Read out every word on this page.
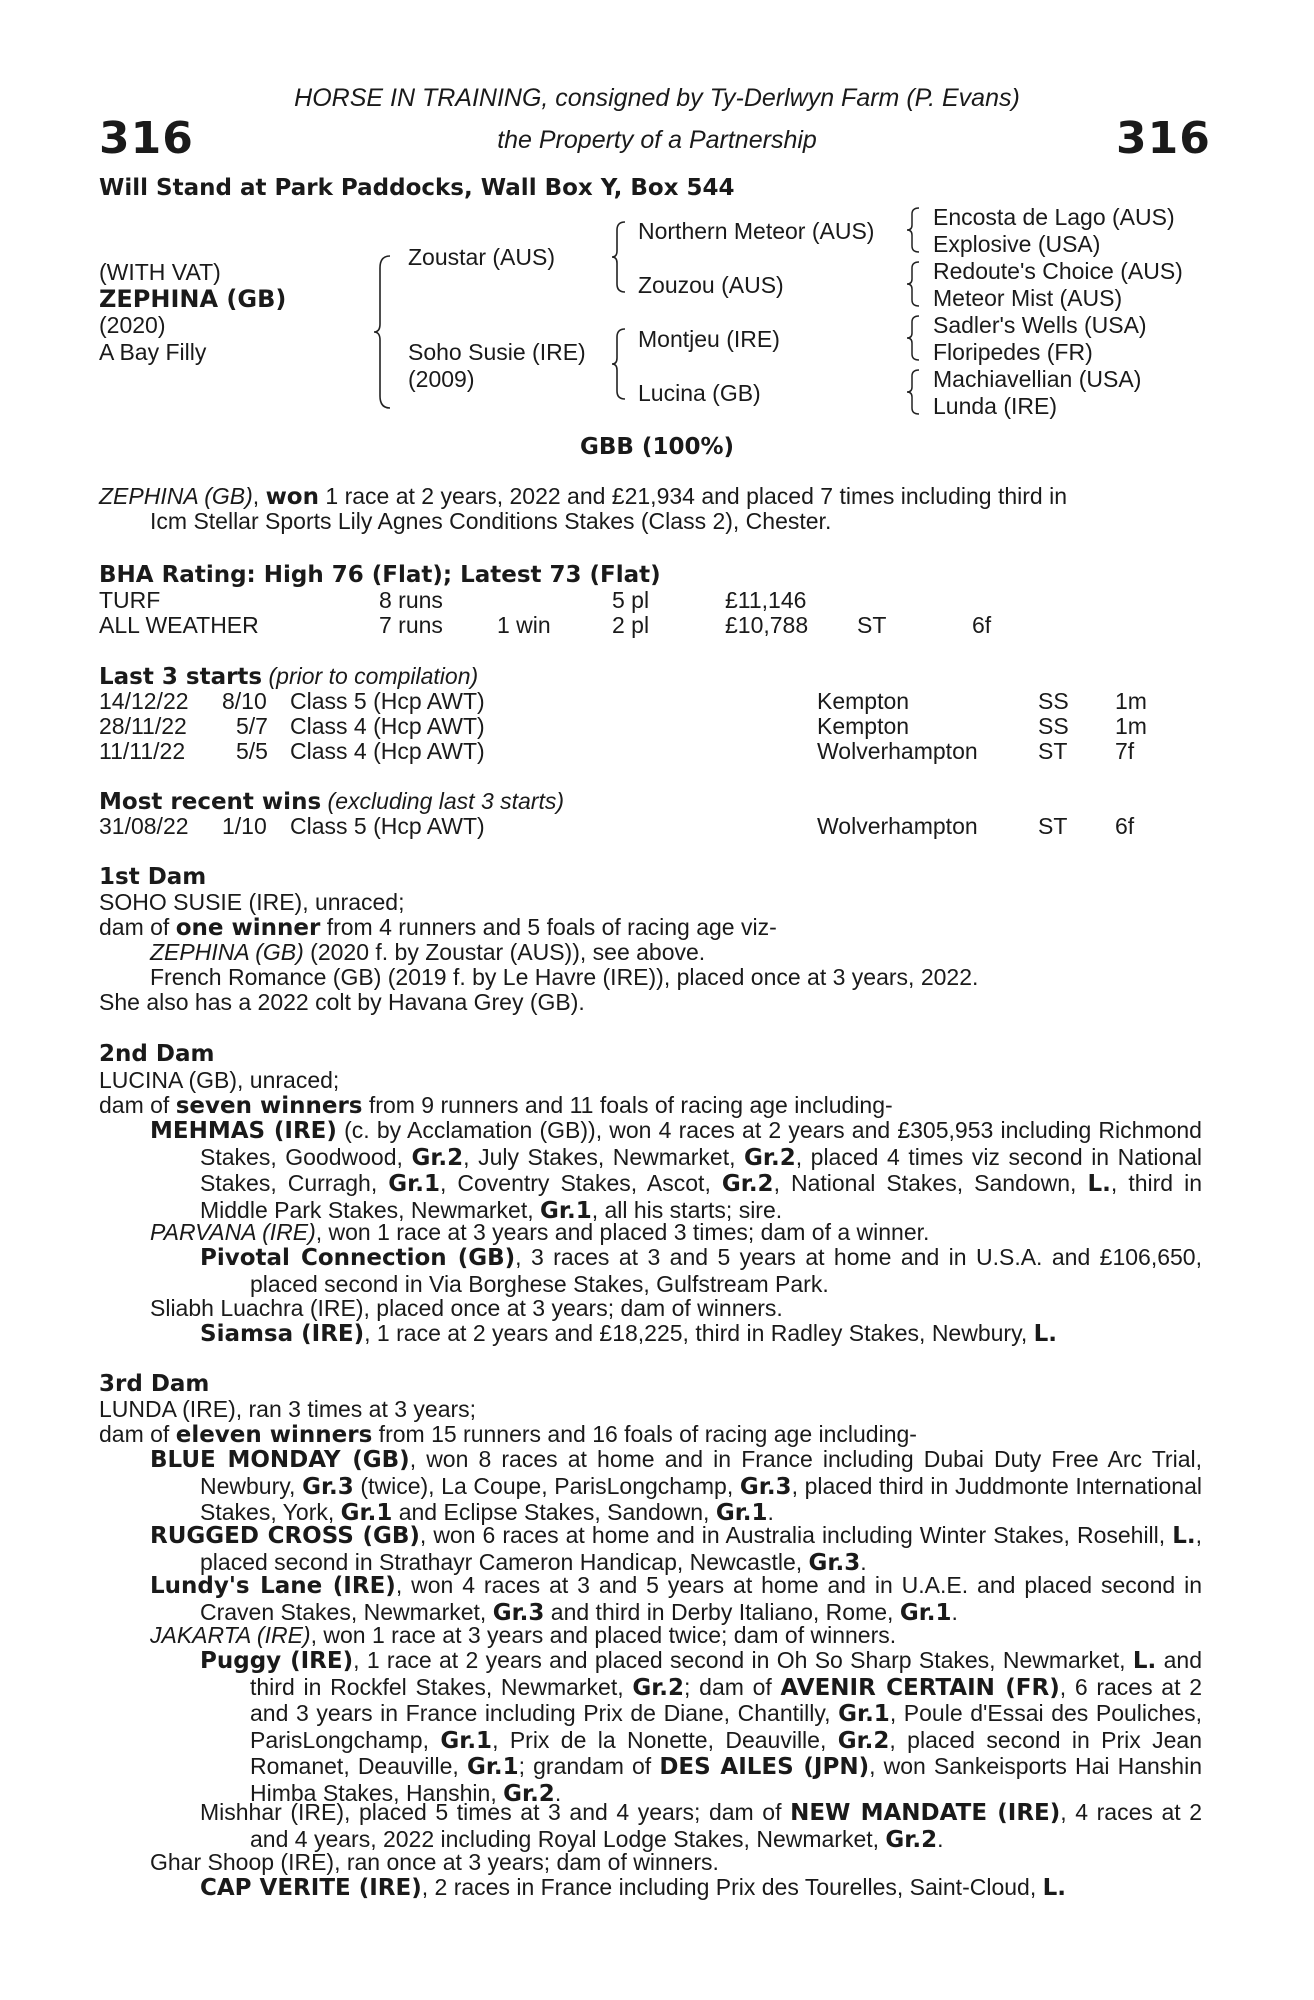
316	316
HORSE IN TRAINING, consigned by Ty-Derlwyn Farm (P. Evans)
the Property of a Partnership
Will Stand at Park Paddocks, Wall Box Y, Box 544
(WITH VAT)
ZEPHINA (GB)
(2020)
A Bay Filly
Zoustar (AUS)
Soho Susie (IRE)
(2009)
Northern Meteor (AUS)
Zouzou (AUS)
Montjeu (IRE)
Lucina (GB)
Encosta de Lago (AUS)
Explosive (USA)
Redoute's Choice (AUS)
Meteor Mist (AUS)
Sadler's Wells (USA)
Floripedes (FR)
Machiavellian (USA)
Lunda (IRE)
GBB (100%)
ZEPHINA (GB), won 1 race at 2 years, 2022 and £21,934 and placed 7 times including third in
Icm Stellar Sports Lily Agnes Conditions Stakes (Class 2), Chester.
BHA Rating: High 76 (Flat); Latest 73 (Flat)
TURF	8 runs	5 pl	£11,146
ALL WEATHER	7 runs 1 win	2 pl	£10,788 ST	6f
Last 3 starts (prior to compilation)
14/12/22 8/10 Class 5 (Hcp AWT)	Kempton	SS 1m
28/11/22 5/7 Class 4 (Hcp AWT)	Kempton	SS 1m
11/11/22 5/5 Class 4 (Hcp AWT)	Wolverhampton	ST 7f
Most recent wins (excluding last 3 starts)
31/08/22 1/10 Class 5 (Hcp AWT)	Wolverhampton	ST 6f
1st Dam
SOHO SUSIE (IRE), unraced;
dam of one winner from 4 runners and 5 foals of racing age viz-
ZEPHINA (GB) (2020 f. by Zoustar (AUS)), see above.
French Romance (GB) (2019 f. by Le Havre (IRE)), placed once at 3 years, 2022.
She also has a 2022 colt by Havana Grey (GB).
2nd Dam
LUCINA (GB), unraced;
dam of seven winners from 9 runners and 11 foals of racing age including-
MEHMAS (IRE) (c. by Acclamation (GB)), won 4 races at 2 years and £305,953 including Richmond Stakes, Goodwood, Gr.2, July Stakes, Newmarket, Gr.2, placed 4 times viz second in National Stakes, Curragh, Gr.1, Coventry Stakes, Ascot, Gr.2, National Stakes, Sandown, L., third in Middle Park Stakes, Newmarket, Gr.1, all his starts; sire.
PARVANA (IRE), won 1 race at 3 years and placed 3 times; dam of a winner.
Pivotal Connection (GB), 3 races at 3 and 5 years at home and in U.S.A. and £106,650, placed second in Via Borghese Stakes, Gulfstream Park.
Sliabh Luachra (IRE), placed once at 3 years; dam of winners.
Siamsa (IRE), 1 race at 2 years and £18,225, third in Radley Stakes, Newbury, L.
3rd Dam
LUNDA (IRE), ran 3 times at 3 years;
dam of eleven winners from 15 runners and 16 foals of racing age including-
BLUE MONDAY (GB), won 8 races at home and in France including Dubai Duty Free Arc Trial, Newbury, Gr.3 (twice), La Coupe, ParisLongchamp, Gr.3, placed third in Juddmonte International Stakes, York, Gr.1 and Eclipse Stakes, Sandown, Gr.1.
RUGGED CROSS (GB), won 6 races at home and in Australia including Winter Stakes, Rosehill, L., placed second in Strathayr Cameron Handicap, Newcastle, Gr.3.
Lundy's Lane (IRE), won 4 races at 3 and 5 years at home and in U.A.E. and placed second in Craven Stakes, Newmarket, Gr.3 and third in Derby Italiano, Rome, Gr.1.
JAKARTA (IRE), won 1 race at 3 years and placed twice; dam of winners.
Puggy (IRE), 1 race at 2 years and placed second in Oh So Sharp Stakes, Newmarket, L. and third in Rockfel Stakes, Newmarket, Gr.2; dam of AVENIR CERTAIN (FR), 6 races at 2 and 3 years in France including Prix de Diane, Chantilly, Gr.1, Poule d'Essai des Pouliches, ParisLongchamp, Gr.1, Prix de la Nonette, Deauville, Gr.2, placed second in Prix Jean Romanet, Deauville, Gr.1; grandam of DES AILES (JPN), won Sankeisports Hai Hanshin Himba Stakes, Hanshin, Gr.2.
Mishhar (IRE), placed 5 times at 3 and 4 years; dam of NEW MANDATE (IRE), 4 races at 2 and 4 years, 2022 including Royal Lodge Stakes, Newmarket, Gr.2.
Ghar Shoop (IRE), ran once at 3 years; dam of winners.
CAP VERITE (IRE), 2 races in France including Prix des Tourelles, Saint-Cloud, L.
